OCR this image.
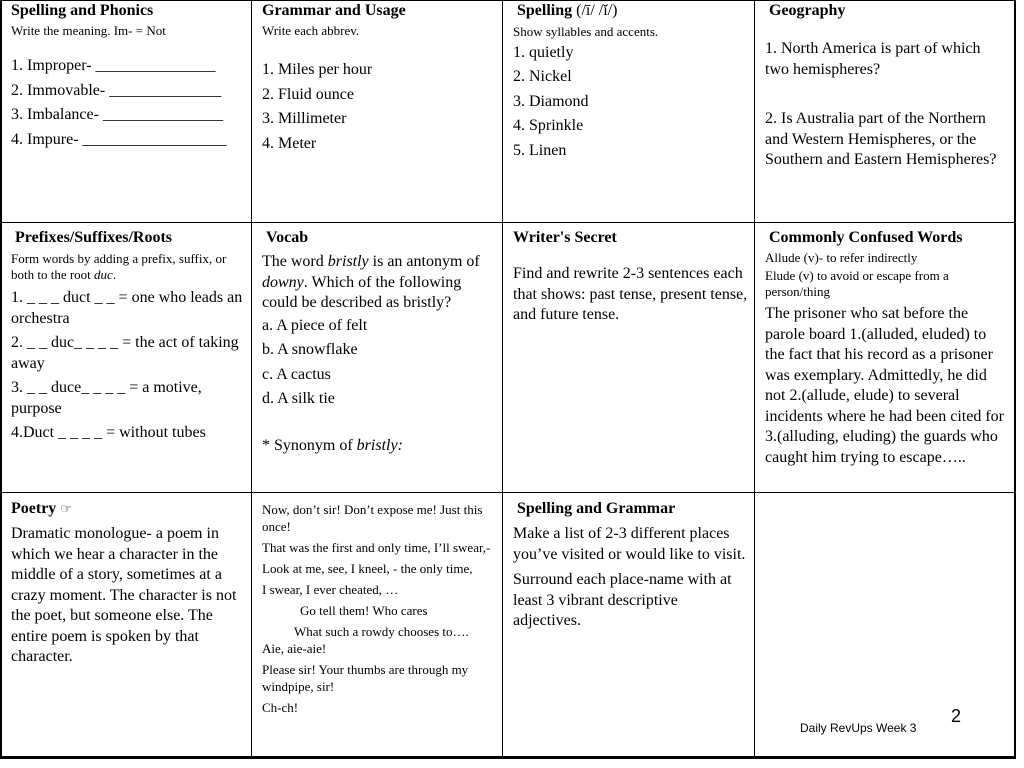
Spelling and Phonics
Write the meaning. Im- = Not
1. Improper- _______________
2. Immovable- ______________
3. Imbalance- _______________
4. Impure- __________________
Grammar and Usage
Write each abbrev.
1. Miles per hour
2. Fluid ounce
3. Millimeter
4. Meter
Spelling (/ī/ /ĭ/)
Show syllables and accents.
1. quietly
2. Nickel
3. Diamond
4. Sprinkle
5. Linen
Geography
1. North America is part of which two hemispheres?
2. Is Australia part of the Northern and Western Hemispheres, or the Southern and Eastern Hemispheres?
Prefixes/Suffixes/Roots
Form words by adding a prefix, suffix, or both to the root duc.
1. _ _ _ duct _ _ = one who leads an orchestra
2. _ _ duc_ _ _ _ = the act of taking away
3. _ _ duce_ _ _ _ = a motive, purpose
4.Duct _ _ _ _ = without tubes
Vocab
The word bristly is an antonym of downy. Which of the following could be described as bristly?
a. A piece of felt
b. A snowflake
c. A cactus
d. A silk tie
* Synonym of bristly:
Writer's Secret
Find and rewrite 2-3 sentences each that shows: past tense, present tense, and future tense.
Commonly Confused Words
Allude (v)- to refer indirectly
Elude (v) to avoid or escape from a person/thing
The prisoner who sat before the parole board 1.(alluded, eluded) to the fact that his record as a prisoner was exemplary. Admittedly, he did not 2.(allude, elude) to several incidents where he had been cited for 3.(alluding, eluding) the guards who caught him trying to escape…..
Poetry ☞
Dramatic monologue- a poem in which we hear a character in the middle of a story, sometimes at a crazy moment. The character is not the poet, but someone else. The entire poem is spoken by that character.
Now, don’t sir! Don’t expose me! Just this once!
That was the first and only time, I’ll swear,-
Look at me, see, I kneel, - the only time,
I swear, I ever cheated, …
Go tell them! Who cares
What such a rowdy chooses to….
Aie, aie-aie!
Please sir! Your thumbs are through my windpipe, sir!
Ch-ch!
Spelling and Grammar
Make a list of 2-3 different places you’ve visited or would like to visit.
Surround each place-name with at least 3 vibrant descriptive adjectives.
Daily RevUps Week 3
2
